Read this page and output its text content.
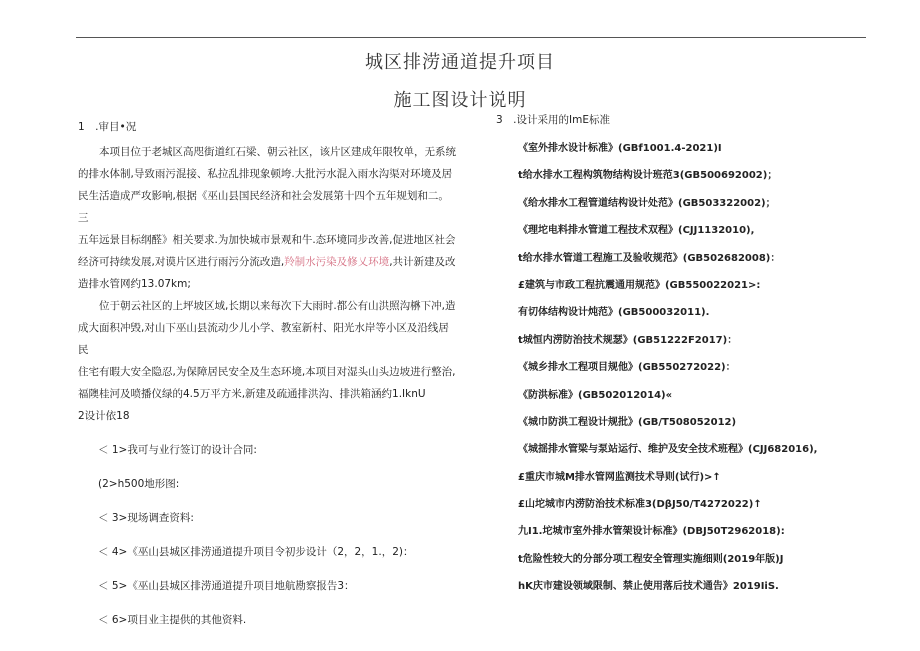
城区排涝通道提升项目
施工图设计说明

1　.审目•况

本项目位于老城区高咫街道红石梁、朝云社区，该片区建成年限牧单，无系统

的排水体制,导致雨污混接、私拉乱排现象顿垮.大批污水混入雨水沟渠对环境及居

民生活造成严攻影响,根据《巫山县国民经济和社会发展第十四个五年规划和二。三

五年远景目标纲醛》相关要求.为加快城市景观和牛.态环境同步改善,促进地区社会

经济可持续发展,对谟片区进行雨污分流改造,羚制水污染及修乂环境,共计新建及改

造排水管网约13.07km;

位于朝云社区的上坪坡区域,长期以来每次下大雨时.都公有山洪照沟楙下冲,造

成大面积冲毁,对山下巫山县流动少儿小学、教室新村、阳光水岸等小区及沿线居民

住宅有暇大安全隐忍,为保障居民安全及生态环境,本项目对湿头山头边坡进行整治,

福隩桂河及喷播仪绿的4.5万平方米,新建及疏通排洪沟、排洪箱涵约1.IknU

2设计依18

＜ 1>我可与业行签订的设计合同:
(2>h500地形图:
＜ 3>现场调查资料:
＜ 4>《巫山县城区排涝通道提升项目令初步设计（2，2，1.，2)：
＜ 5>《巫山县城区排涝通道提升项目地航勘察报告3：
＜ 6>项目业主提供的其他资料.
3　.设计采用的ImE标准
《室外排水设计标准》(GBf1001.4-2021)I
t给水排水工程构筑物结构设计班范3(GB500692002)；
《给水排水工程管道结构设计处范》(GB503322002)；
《理坨电料排水管道工程技术双程》(CJJ1132010),
t给水排水管道工程施工及验收规范》(GB502682008)：
£建筑与市政工程抗震通用规范》(GB550022021>:
有切体结构设计炖范》(GB500032011).
t城恒内涝防治技术规瑟》(GB51222F2017)：
《城乡排水工程项目规他》(GB550272022)：
《防洪标准》(GB502012014)«
《城巾防洪工程设计规批》(GB/T508052012)
《城揺排水管梁与泵站运行、维护及安全技术班程》(CJJ682016),
£重庆市城M排水管网监测技术导则(试行)>↑
£山坨城市内涝防治技术标准3(DβJ50/T4272022)↑
九I1.坨城市室外排水管架设计标准》(DBJ50T2962018):
t危险性较大的分部分项工程安全管理实施细则(2019年版)J
hK庆市建设领域限制、禁止使用落后技术通告》2019IiS.
